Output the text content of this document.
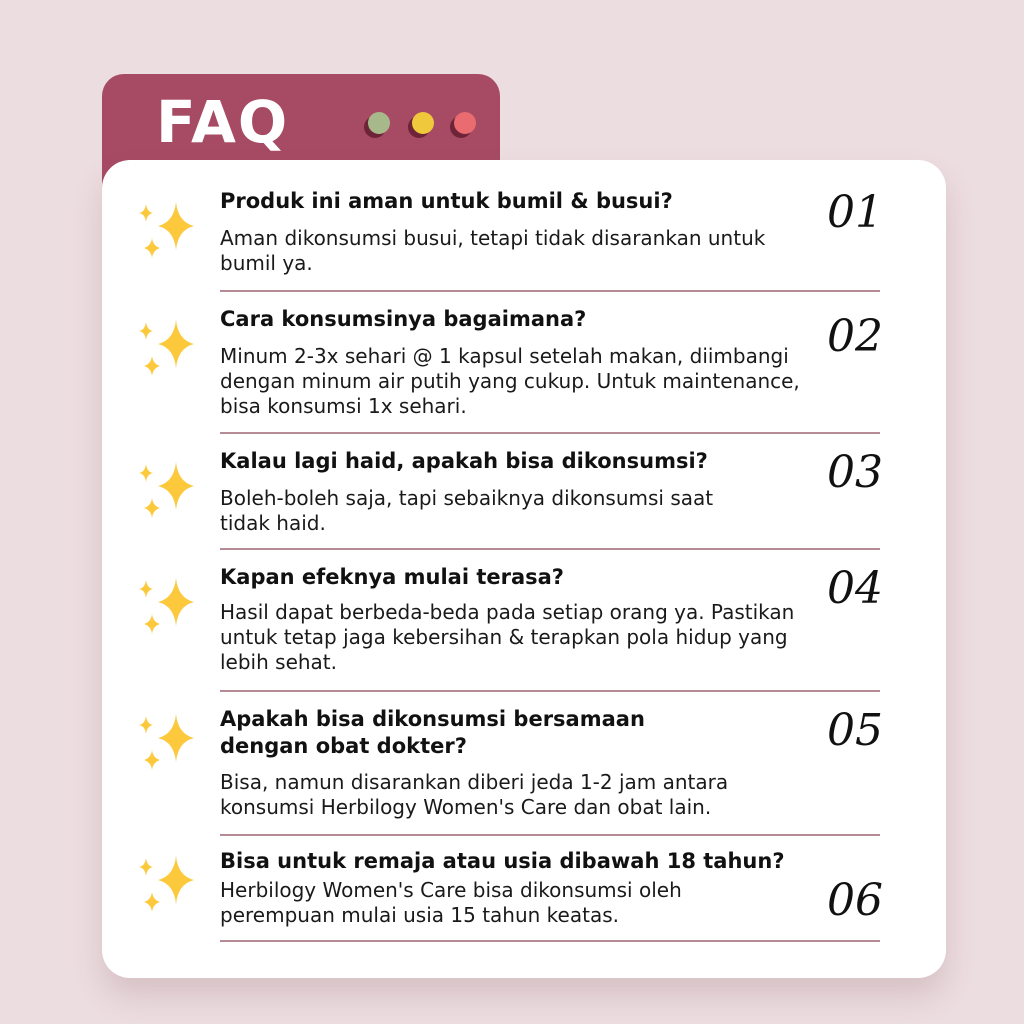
FAQ
Produk ini aman untuk bumil & busui?
Aman dikonsumsi busui, tetapi tidak disarankan untuk bumil ya.
01
Cara konsumsinya bagaimana?
Minum 2-3x sehari @ 1 kapsul setelah makan, diimbangi dengan minum air putih yang cukup. Untuk maintenance, bisa konsumsi 1x sehari.
02
Kalau lagi haid, apakah bisa dikonsumsi?
Boleh-boleh saja, tapi sebaiknya dikonsumsi saat tidak haid.
03
Kapan efeknya mulai terasa?
Hasil dapat berbeda-beda pada setiap orang ya. Pastikan untuk tetap jaga kebersihan & terapkan pola hidup yang lebih sehat.
04
Apakah bisa dikonsumsi bersamaan dengan obat dokter?
Bisa, namun disarankan diberi jeda 1-2 jam antara konsumsi Herbilogy Women's Care dan obat lain.
05
Bisa untuk remaja atau usia dibawah 18 tahun?
Herbilogy Women's Care bisa dikonsumsi oleh perempuan mulai usia 15 tahun keatas.	06
